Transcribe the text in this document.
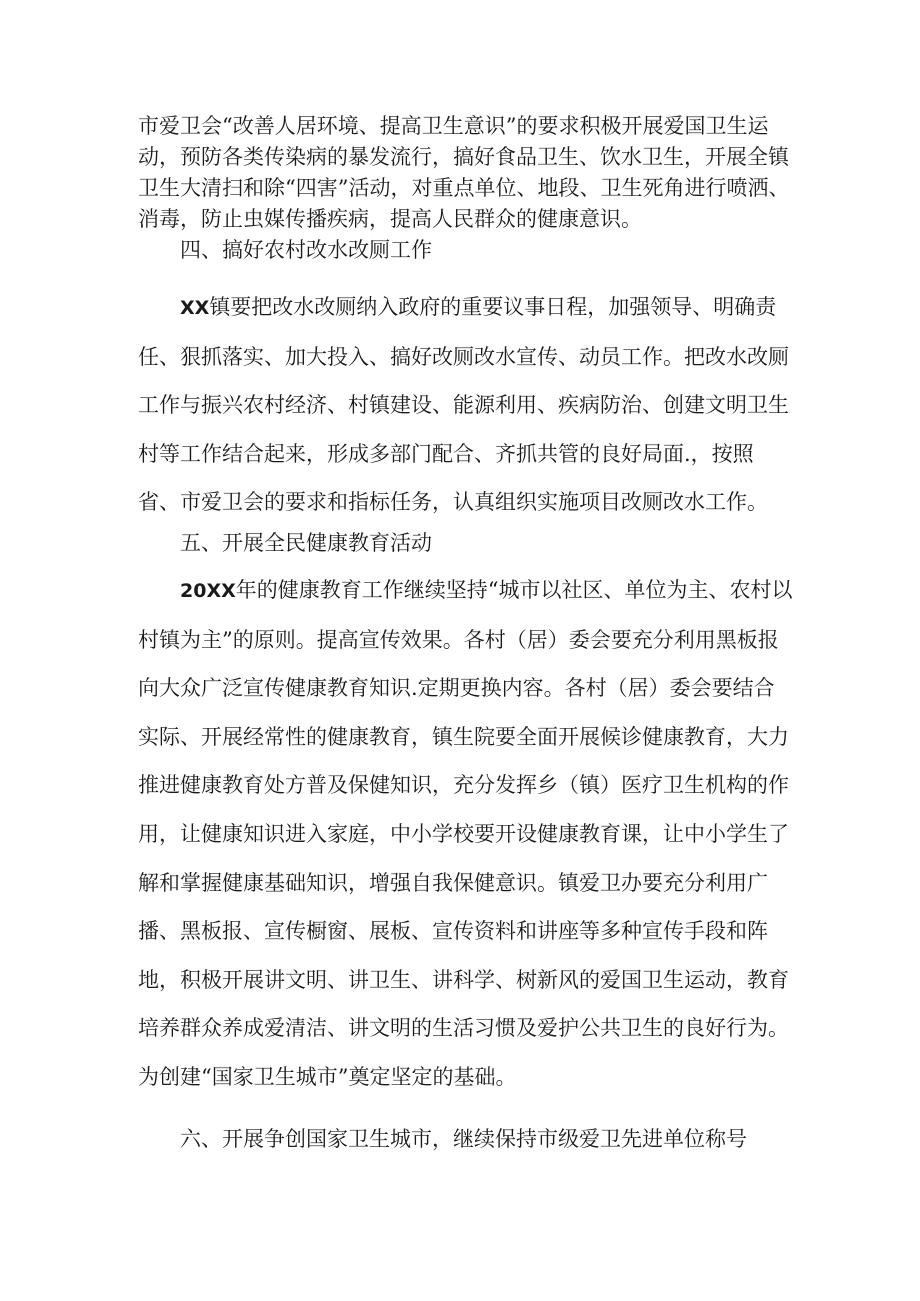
市爱卫会“改善人居环境、提高卫生意识”的要求积极开展爱国卫生运动，预防各类传染病的暴发流行，搞好食品卫生、饮水卫生，开展全镇卫生大清扫和除“四害”活动，对重点单位、地段、卫生死角进行喷洒、消毒，防止虫媒传播疾病，提高人民群众的健康意识。

四、搞好农村改水改厕工作

XX镇要把改水改厕纳入政府的重要议事日程，加强领导、明确责任、狠抓落实、加大投入、搞好改厕改水宣传、动员工作。把改水改厕工作与振兴农村经济、村镇建设、能源利用、疾病防治、创建文明卫生村等工作结合起来，形成多部门配合、齐抓共管的良好局面.，按照省、市爱卫会的要求和指标任务，认真组织实施项目改厕改水工作。

五、开展全民健康教育活动

20XX年的健康教育工作继续坚持“城市以社区、单位为主、农村以村镇为主”的原则。提高宣传效果。各村（居）委会要充分利用黑板报向大众广泛宣传健康教育知识.定期更换内容。各村（居）委会要结合实际、开展经常性的健康教育，镇生院要全面开展候诊健康教育，大力推进健康教育处方普及保健知识，充分发挥乡（镇）医疗卫生机构的作用，让健康知识进入家庭，中小学校要开设健康教育课，让中小学生了解和掌握健康基础知识，增强自我保健意识。镇爱卫办要充分利用广播、黑板报、宣传橱窗、展板、宣传资料和讲座等多种宣传手段和阵地，积极开展讲文明、讲卫生、讲科学、树新风的爱国卫生运动，教育培养群众养成爱清洁、讲文明的生活习惯及爱护公共卫生的良好行为。为创建“国家卫生城市”奠定坚定的基础。

六、开展争创国家卫生城市，继续保持市级爱卫先进单位称号
